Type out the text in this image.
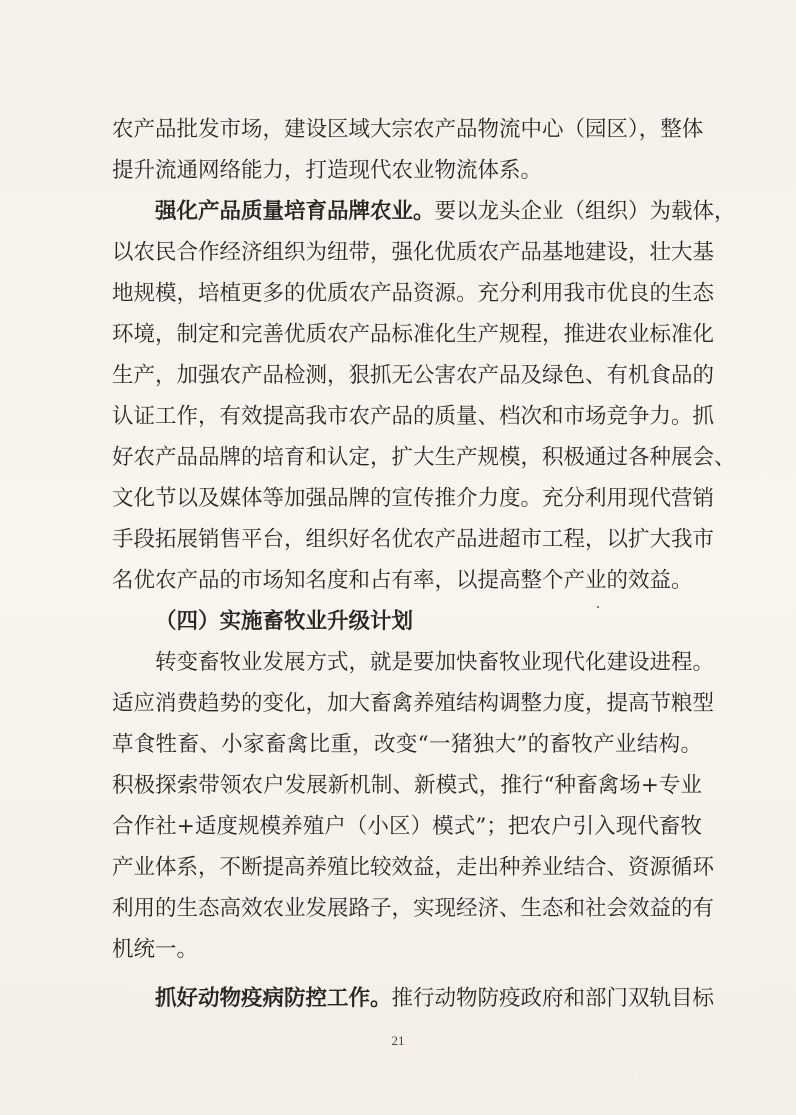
农产品批发市场，建设区域大宗农产品物流中心（园区），整体
提升流通网络能力，打造现代农业物流体系。
强化产品质量培育品牌农业。要以龙头企业（组织）为载体，
以农民合作经济组织为纽带，强化优质农产品基地建设，壮大基
地规模，培植更多的优质农产品资源。充分利用我市优良的生态
环境，制定和完善优质农产品标准化生产规程，推进农业标准化
生产，加强农产品检测，狠抓无公害农产品及绿色、有机食品的
认证工作，有效提高我市农产品的质量、档次和市场竞争力。抓
好农产品品牌的培育和认定，扩大生产规模，积极通过各种展会、
文化节以及媒体等加强品牌的宣传推介力度。充分利用现代营销
手段拓展销售平台，组织好名优农产品进超市工程，以扩大我市
名优农产品的市场知名度和占有率，以提高整个产业的效益。
（四）实施畜牧业升级计划
转变畜牧业发展方式，就是要加快畜牧业现代化建设进程。
适应消费趋势的变化，加大畜禽养殖结构调整力度，提高节粮型
草食牲畜、小家畜禽比重，改变“一猪独大”的畜牧产业结构。
积极探索带领农户发展新机制、新模式，推行“种畜禽场+专业
合作社+适度规模养殖户（小区）模式”；把农户引入现代畜牧
产业体系，不断提高养殖比较效益，走出种养业结合、资源循环
利用的生态高效农业发展路子，实现经济、生态和社会效益的有
机统一。
抓好动物疫病防控工作。推行动物防疫政府和部门双轨目标
21
